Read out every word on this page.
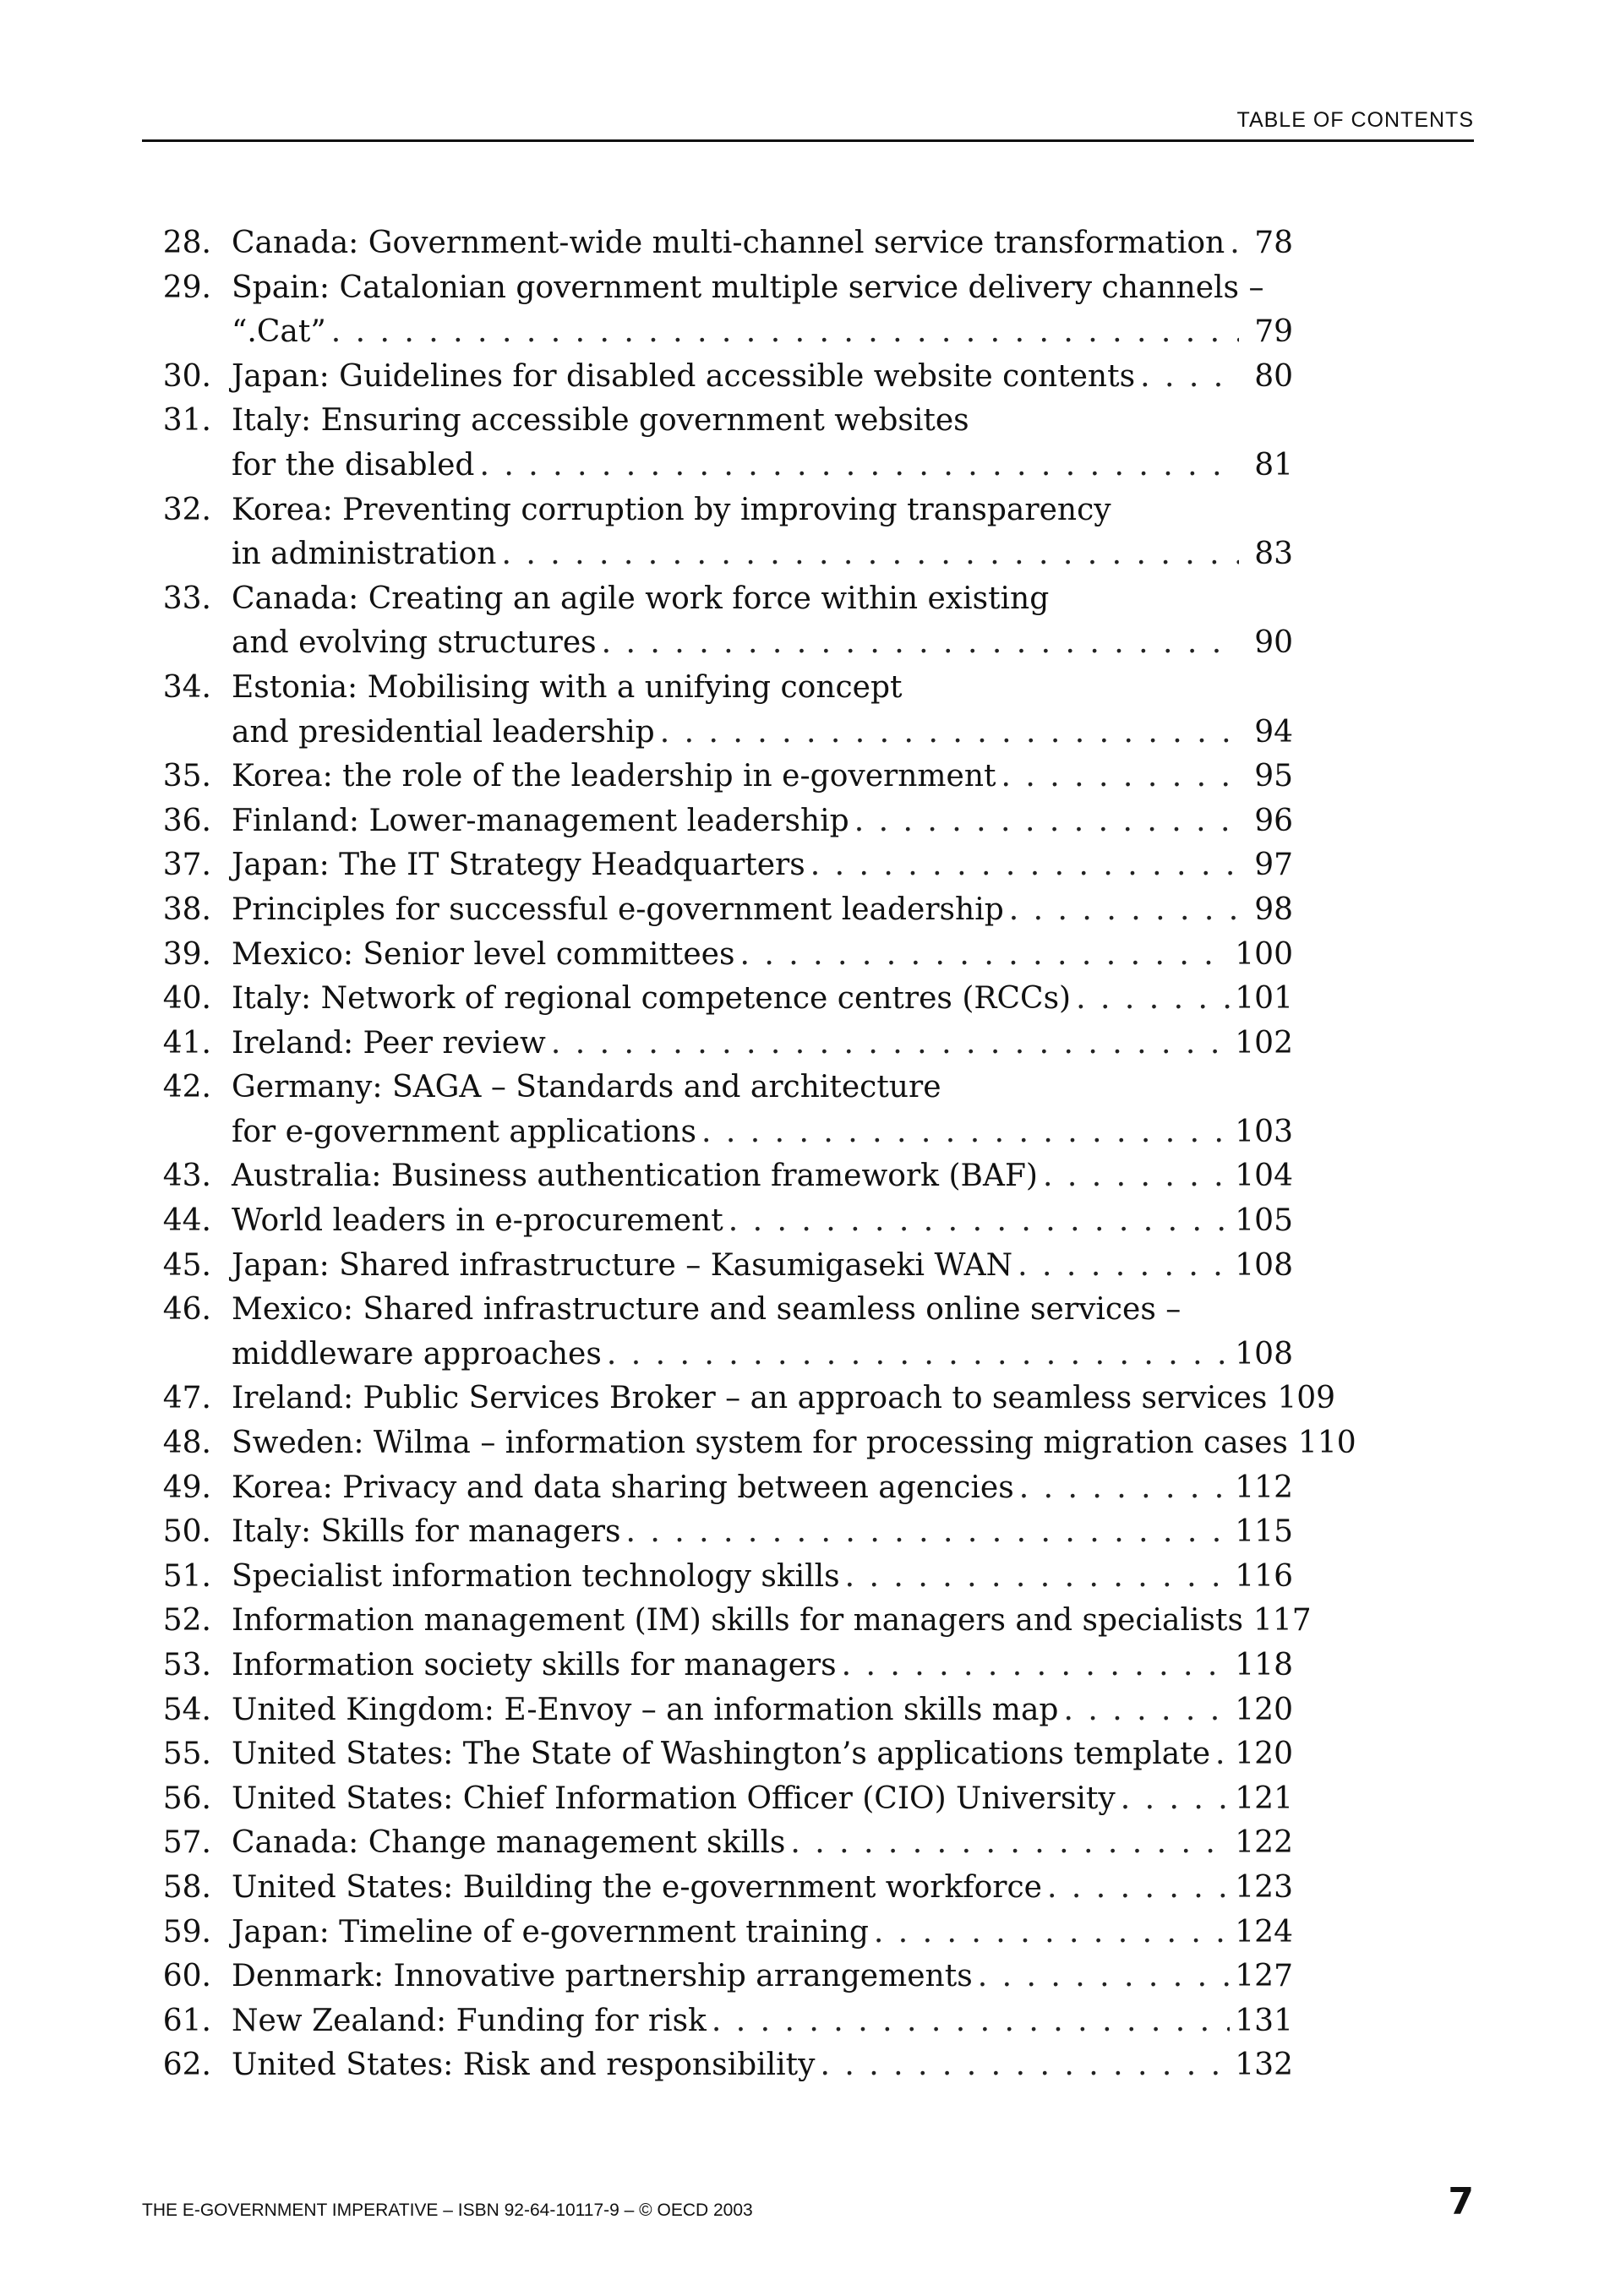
TABLE OF CONTENTS
28. Canada: Government-wide multi-channel service transformation . . . 78
29. Spain: Catalonian government multiple service delivery channels –
“.Cat” . . .	79
30. Japan: Guidelines for disabled accessible website contents . . .	80
31. Italy: Ensuring accessible government websites
for the disabled . . .	81
32. Korea: Preventing corruption by improving transparency
in administration . . .	83
33. Canada: Creating an agile work force within existing
and evolving structures . . .	90
34. Estonia: Mobilising with a unifying concept
and presidential leadership . . .	94
35. Korea: the role of the leadership in e-government . . .	95
36. Finland: Lower-management leadership . . .	96
37. Japan: The IT Strategy Headquarters . . .	97
38. Principles for successful e-government leadership . . .	98
39. Mexico: Senior level committees . . .	100
40. Italy: Network of regional competence centres (RCCs) . . .	101
41. Ireland: Peer review . . .	102
42. Germany: SAGA – Standards and architecture
for e-government applications . . .	103
43. Australia: Business authentication framework (BAF) . . .	104
44. World leaders in e-procurement . . .	105
45. Japan: Shared infrastructure – Kasumigaseki WAN . . .	108
46. Mexico: Shared infrastructure and seamless online services –
middleware approaches . . .	108
47. Ireland: Public Services Broker – an approach to seamless services 109
48. Sweden: Wilma – information system for processing migration cases 110
49. Korea: Privacy and data sharing between agencies . . .	112
50. Italy: Skills for managers . . .	115
51. Specialist information technology skills . . .	116
52. Information management (IM) skills for managers and specialists 117
53. Information society skills for managers . . .	118
54. United Kingdom: E-Envoy – an information skills map . . .	120
55. United States: The State of Washington’s applications template . . . 120
56. United States: Chief Information Officer (CIO) University . . .	121
57. Canada: Change management skills . . .	122
58. United States: Building the e-government workforce . . .	123
59. Japan: Timeline of e-government training . . .	124
60. Denmark: Innovative partnership arrangements . . .	127
61. New Zealand: Funding for risk . . .	131
62. United States: Risk and responsibility . . .	132
THE E-GOVERNMENT IMPERATIVE – ISBN 92-64-10117-9 – © OECD 2003	7
